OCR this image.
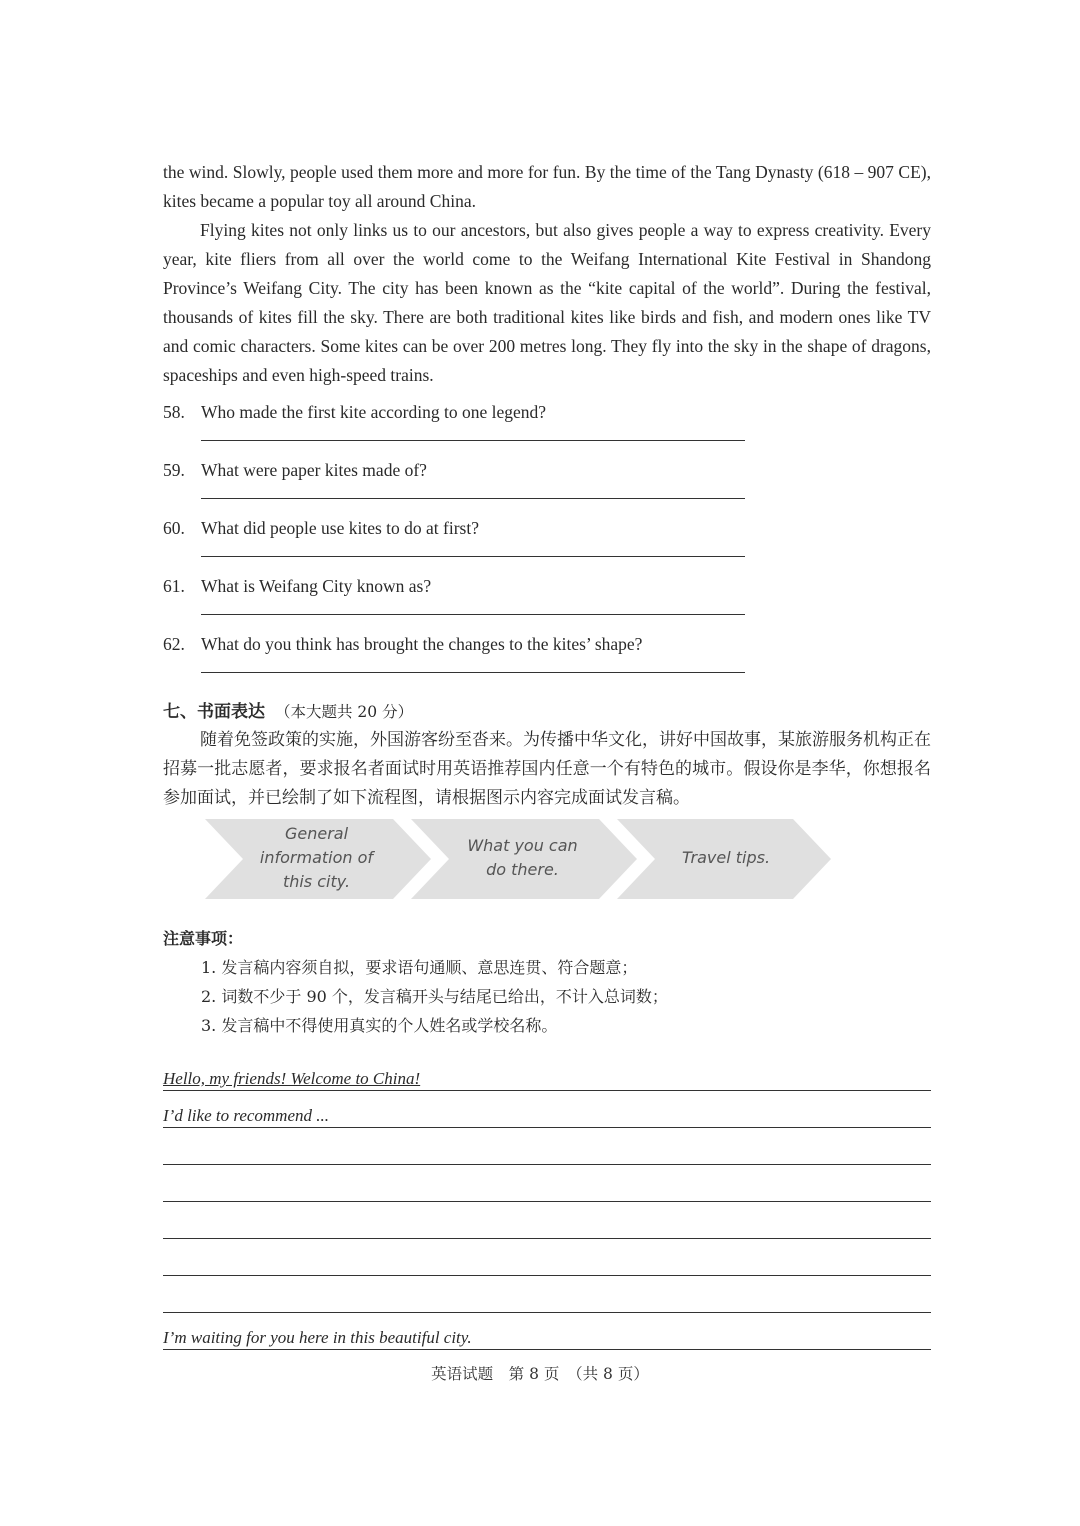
the wind. Slowly, people used them more and more for fun. By the time of the Tang Dynasty (618 – 907 CE), kites became a popular toy all around China.

Flying kites not only links us to our ancestors, but also gives people a way to express creativity. Every year, kite fliers from all over the world come to the Weifang International Kite Festival in Shandong Province’s Weifang City. The city has been known as the “kite capital of the world”. During the festival, thousands of kites fill the sky. There are both traditional kites like birds and fish, and modern ones like TV and comic characters. Some kites can be over 200 metres long. They fly into the sky in the shape of dragons, spaceships and even high-speed trains.

58. Who made the first kite according to one legend?
59. What were paper kites made of?
60. What did people use kites to do at first?
61. What is Weifang City known as?
62. What do you think has brought the changes to the kites’ shape?
七、书面表达 （本大题共 20 分）

随着免签政策的实施，外国游客纷至沓来。为传播中华文化，讲好中国故事，某旅游服务机构正在招募一批志愿者，要求报名者面试时用英语推荐国内任意一个有特色的城市。假设你是李华，你想报名参加面试，并已绘制了如下流程图，请根据图示内容完成面试发言稿。

General information of this city.
What you can do there.
Travel tips.
注意事项：
1. 发言稿内容须自拟，要求语句通顺、意思连贯、符合题意；
2. 词数不少于 90 个，发言稿开头与结尾已给出，不计入总词数；
3. 发言稿中不得使用真实的个人姓名或学校名称。
Hello, my friends! Welcome to China!
I’d like to recommend ...
I’m waiting for you here in this beautiful city.
英语试题　第 8 页　（共 8 页）
